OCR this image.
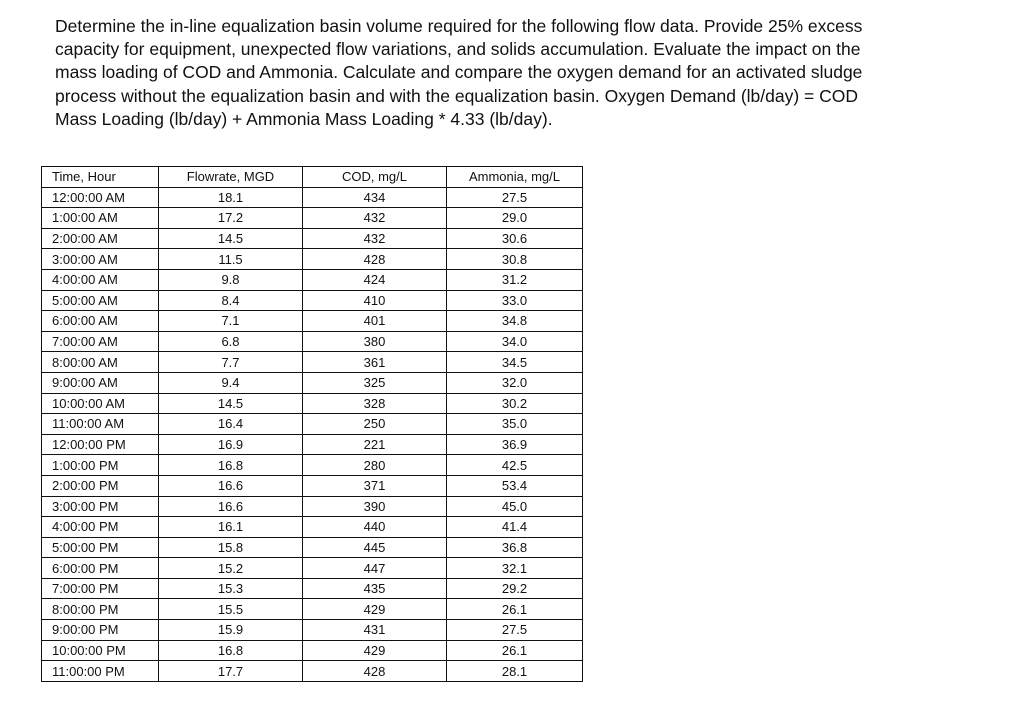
Determine the in-line equalization basin volume required for the following flow data. Provide 25% excess
capacity for equipment, unexpected flow variations, and solids accumulation. Evaluate the impact on the
mass loading of COD and Ammonia. Calculate and compare the oxygen demand for an activated sludge
process without the equalization basin and with the equalization basin. Oxygen Demand (lb/day) = COD
Mass Loading (lb/day) + Ammonia Mass Loading * 4.33 (lb/day).
Time, Hour	Flowrate, MGD	COD, mg/L	Ammonia, mg/L
12:00:00 AM	18.1	434	27.5
1:00:00 AM	17.2	432	29.0
2:00:00 AM	14.5	432	30.6
3:00:00 AM	11.5	428	30.8
4:00:00 AM	9.8	424	31.2
5:00:00 AM	8.4	410	33.0
6:00:00 AM	7.1	401	34.8
7:00:00 AM	6.8	380	34.0
8:00:00 AM	7.7	361	34.5
9:00:00 AM	9.4	325	32.0
10:00:00 AM	14.5	328	30.2
11:00:00 AM	16.4	250	35.0
12:00:00 PM	16.9	221	36.9
1:00:00 PM	16.8	280	42.5
2:00:00 PM	16.6	371	53.4
3:00:00 PM	16.6	390	45.0
4:00:00 PM	16.1	440	41.4
5:00:00 PM	15.8	445	36.8
6:00:00 PM	15.2	447	32.1
7:00:00 PM	15.3	435	29.2
8:00:00 PM	15.5	429	26.1
9:00:00 PM	15.9	431	27.5
10:00:00 PM	16.8	429	26.1
11:00:00 PM	17.7	428	28.1
